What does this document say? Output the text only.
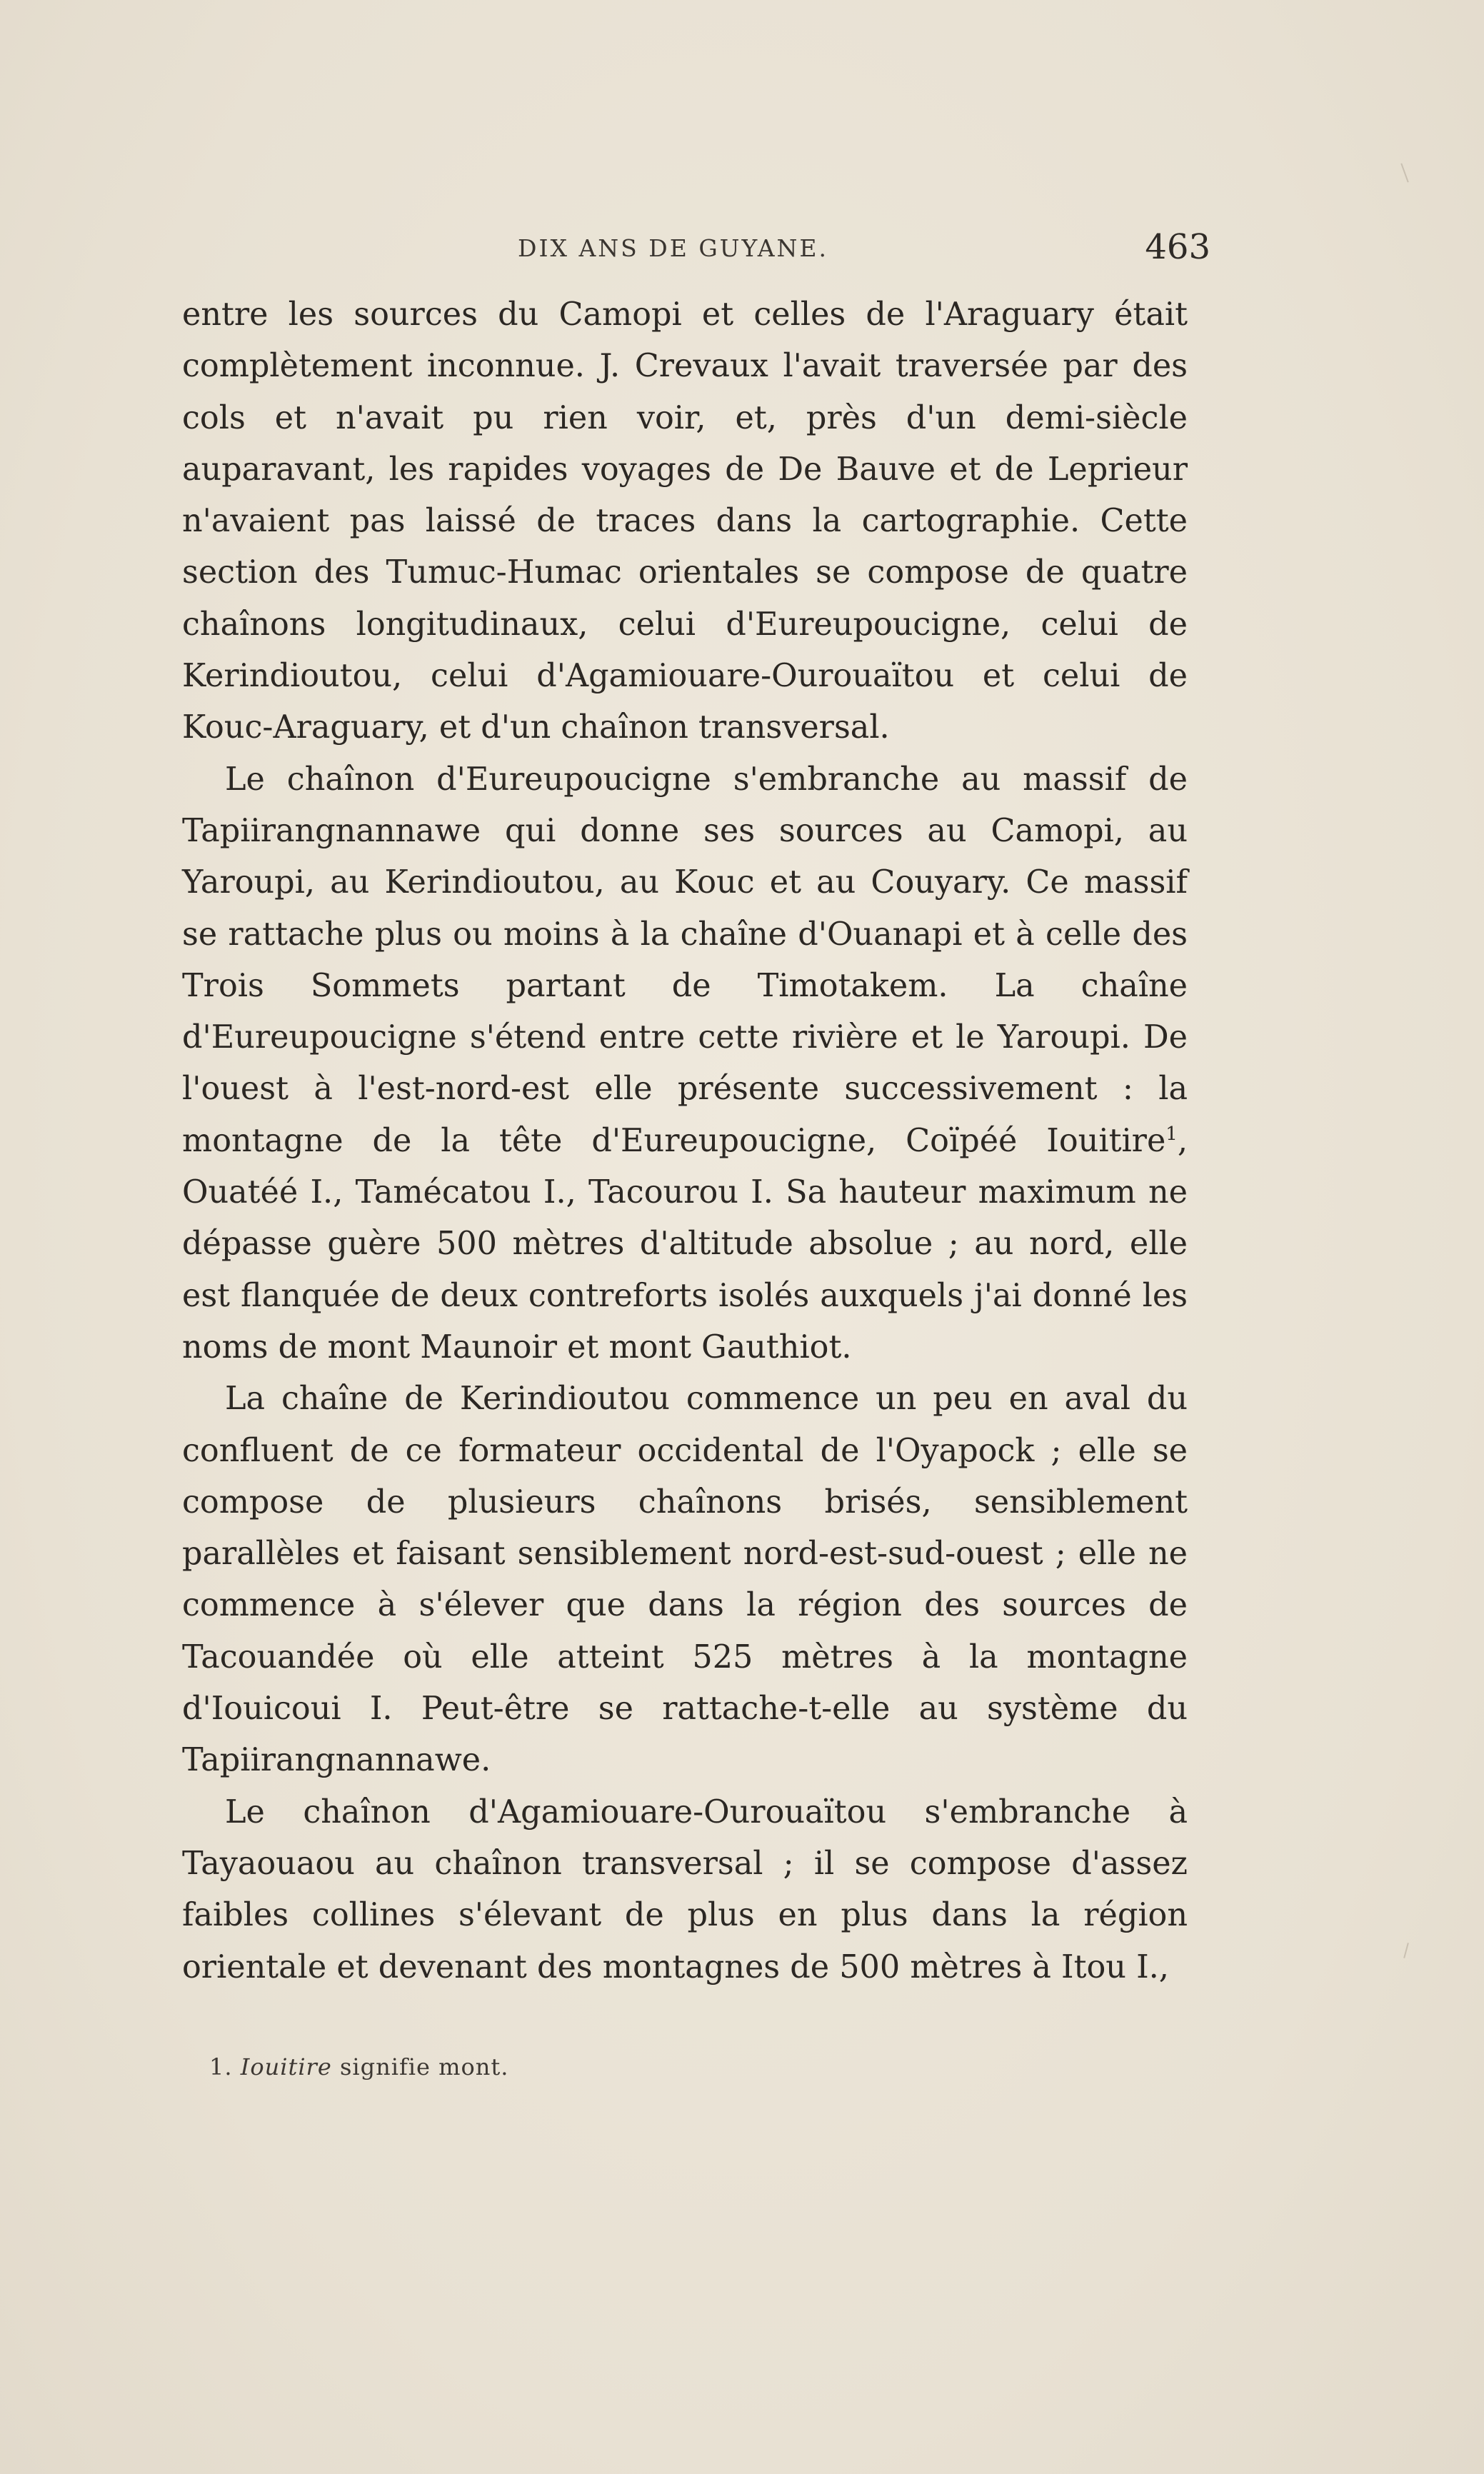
DIX ANS DE GUYANE.	463

entre les sources du Camopi et celles de l'Araguary était complètement inconnue. J. Crevaux l'avait traversée par des cols et n'avait pu rien voir, et, près d'un demi-siècle auparavant, les rapides voyages de De Bauve et de Leprieur n'avaient pas laissé de traces dans la cartographie. Cette section des Tumuc-Humac orientales se compose de quatre chaînons longitudinaux, celui d'Eureupoucigne, celui de Kerindioutou, celui d'Agamiouare-Ourouaïtou et celui de Kouc-Araguary, et d'un chaînon transversal.

Le chaînon d'Eureupoucigne s'embranche au massif de Tapiirangnannawe qui donne ses sources au Camopi, au Yaroupi, au Kerindioutou, au Kouc et au Couyary. Ce massif se rattache plus ou moins à la chaîne d'Ouanapi et à celle des Trois Sommets partant de Timotakem. La chaîne d'Eureupoucigne s'étend entre cette rivière et le Yaroupi. De l'ouest à l'est-nord-est elle présente successivement : la montagne de la tête d'Eureupoucigne, Coïpéé Iouitire$^1$, Ouatéé I., Tamécatou I., Tacourou I. Sa hauteur maximum ne dépasse guère 500 mètres d'altitude absolue ; au nord, elle est flanquée de deux contreforts isolés auxquels j'ai donné les noms de mont Maunoir et mont Gauthiot.

La chaîne de Kerindioutou commence un peu en aval du confluent de ce formateur occidental de l'Oyapock ; elle se compose de plusieurs chaînons brisés, sensiblement parallèles et faisant sensiblement nord-est-sud-ouest ; elle ne commence à s'élever que dans la région des sources de Tacouandée où elle atteint 525 mètres à la montagne d'Iouicoui I. Peut-être se rattache-t-elle au système du Tapiirangnannawe.

Le chaînon d'Agamiouare-Ourouaïtou s'embranche à Tayaouaou au chaînon transversal ; il se compose d'assez faibles collines s'élevant de plus en plus dans la région orientale et devenant des montagnes de 500 mètres à Itou I.,

1. Iouitire signifie mont.
